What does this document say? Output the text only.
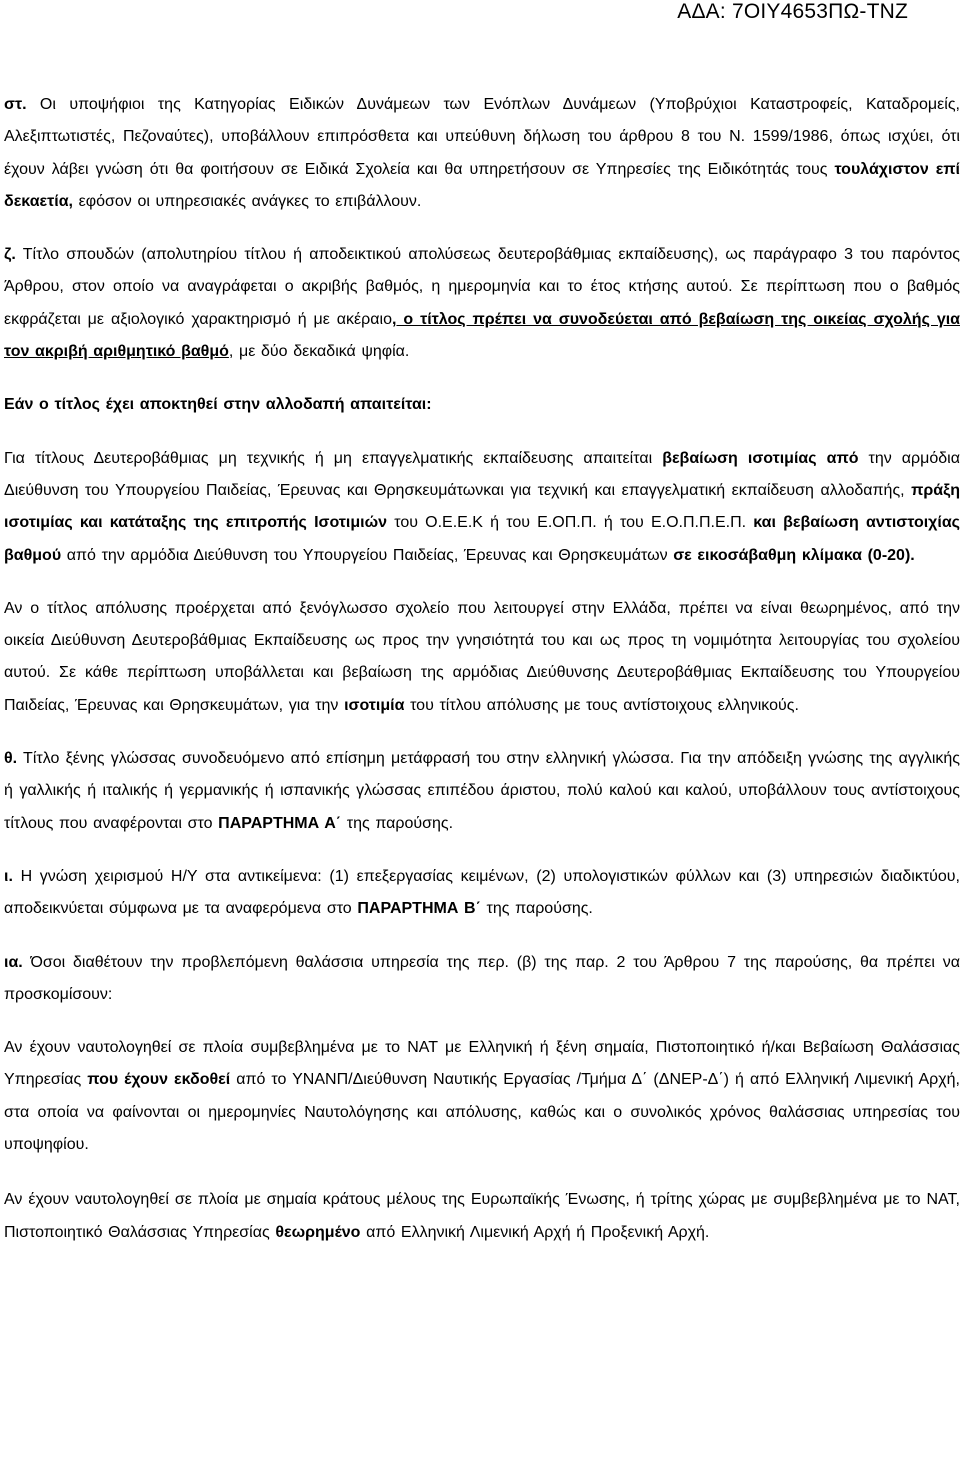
ΑΔΑ: 7ΟΙΥ4653ΠΩ-ΤΝΖ

στ. Οι υποψήφιοι της Κατηγορίας Ειδικών Δυνάμεων των Ενόπλων Δυνάμεων (Υποβρύχιοι Καταστροφείς, Καταδρομείς, Αλεξιπτωτιστές, Πεζοναύτες), υποβάλλουν επιπρόσθετα και υπεύθυνη δήλωση του άρθρου 8 του Ν. 1599/1986, όπως ισχύει, ότι έχουν λάβει γνώση ότι θα φοιτήσουν σε Ειδικά Σχολεία και θα υπηρετήσουν σε Υπηρεσίες της Ειδικότητάς τους τουλάχιστον επί δεκαετία, εφόσον οι υπηρεσιακές ανάγκες το επιβάλλουν.

ζ. Τίτλο σπουδών (απολυτηρίου τίτλου ή αποδεικτικού απολύσεως δευτεροβάθμιας εκπαίδευσης), ως παράγραφο 3 του παρόντος Άρθρου, στον οποίο να αναγράφεται ο ακριβής βαθμός, η ημερομηνία και το έτος κτήσης αυτού. Σε περίπτωση που ο βαθμός εκφράζεται με αξιολογικό χαρακτηρισμό ή με ακέραιο, ο τίτλος πρέπει να συνοδεύεται από βεβαίωση της οικείας σχολής για τον ακριβή αριθμητικό βαθμό, με δύο δεκαδικά ψηφία.

Εάν ο τίτλος έχει αποκτηθεί στην αλλοδαπή απαιτείται:

Για τίτλους Δευτεροβάθμιας μη τεχνικής ή μη επαγγελματικής εκπαίδευσης απαιτείται βεβαίωση ισοτιμίας από την αρμόδια Διεύθυνση του Υπουργείου Παιδείας, Έρευνας και Θρησκευμάτωνκαι για τεχνική και επαγγελματική εκπαίδευση αλλοδαπής, πράξη ισοτιμίας και κατάταξης της επιτροπής Ισοτιμιών του Ο.Ε.Ε.Κ ή του Ε.ΟΠ.Π. ή του Ε.Ο.Π.Π.Ε.Π. και βεβαίωση αντιστοιχίας βαθμού από την αρμόδια Διεύθυνση του Υπουργείου Παιδείας, Έρευνας και Θρησκευμάτων σε εικοσάβαθμη κλίμακα (0-20).

Αν ο τίτλος απόλυσης προέρχεται από ξενόγλωσσο σχολείο που λειτουργεί στην Ελλάδα, πρέπει να είναι θεωρημένος, από την οικεία Διεύθυνση Δευτεροβάθμιας Εκπαίδευσης ως προς την γνησιότητά του και ως προς τη νομιμότητα λειτουργίας του σχολείου αυτού. Σε κάθε περίπτωση υποβάλλεται και βεβαίωση της αρμόδιας Διεύθυνσης Δευτεροβάθμιας Εκπαίδευσης του Υπουργείου Παιδείας, Έρευνας και Θρησκευμάτων, για την ισοτιμία του τίτλου απόλυσης με τους αντίστοιχους ελληνικούς.

θ. Τίτλο ξένης γλώσσας συνοδευόμενο από επίσημη μετάφρασή του στην ελληνική γλώσσα. Για την απόδειξη γνώσης της αγγλικής ή γαλλικής ή ιταλικής ή γερμανικής ή ισπανικής γλώσσας επιπέδου άριστου, πολύ καλού και καλού, υποβάλλουν τους αντίστοιχους τίτλους που αναφέρονται στο ΠΑΡΑΡΤΗΜΑ Α΄ της παρούσης.

ι. Η γνώση χειρισμού Η/Υ στα αντικείμενα: (1) επεξεργασίας κειμένων, (2) υπολογιστικών φύλλων και (3) υπηρεσιών διαδικτύου, αποδεικνύεται σύμφωνα με τα αναφερόμενα στο ΠΑΡΑΡΤΗΜΑ Β΄ της παρούσης.

ια. Όσοι διαθέτουν την προβλεπόμενη θαλάσσια υπηρεσία της περ. (β) της παρ. 2 του Άρθρου 7 της παρούσης, θα πρέπει να προσκομίσουν:

Αν έχουν ναυτολογηθεί σε πλοία συμβεβλημένα με το ΝΑΤ με Ελληνική ή ξένη σημαία, Πιστοποιητικό ή/και Βεβαίωση Θαλάσσιας Υπηρεσίας που έχουν εκδοθεί από το ΥΝΑΝΠ/Διεύθυνση Ναυτικής Εργασίας /Τμήμα Δ΄ (ΔΝΕΡ-Δ΄) ή από Ελληνική Λιμενική Αρχή, στα οποία να φαίνονται οι ημερομηνίες Ναυτολόγησης και απόλυσης, καθώς και ο συνολικός χρόνος θαλάσσιας υπηρεσίας του υποψηφίου.

Αν έχουν ναυτολογηθεί σε πλοία με σημαία κράτους μέλους της Ευρωπαϊκής Ένωσης, ή τρίτης χώρας με συμβεβλημένα με το ΝΑΤ, Πιστοποιητικό Θαλάσσιας Υπηρεσίας θεωρημένο από Ελληνική Λιμενική Αρχή ή Προξενική Αρχή.
